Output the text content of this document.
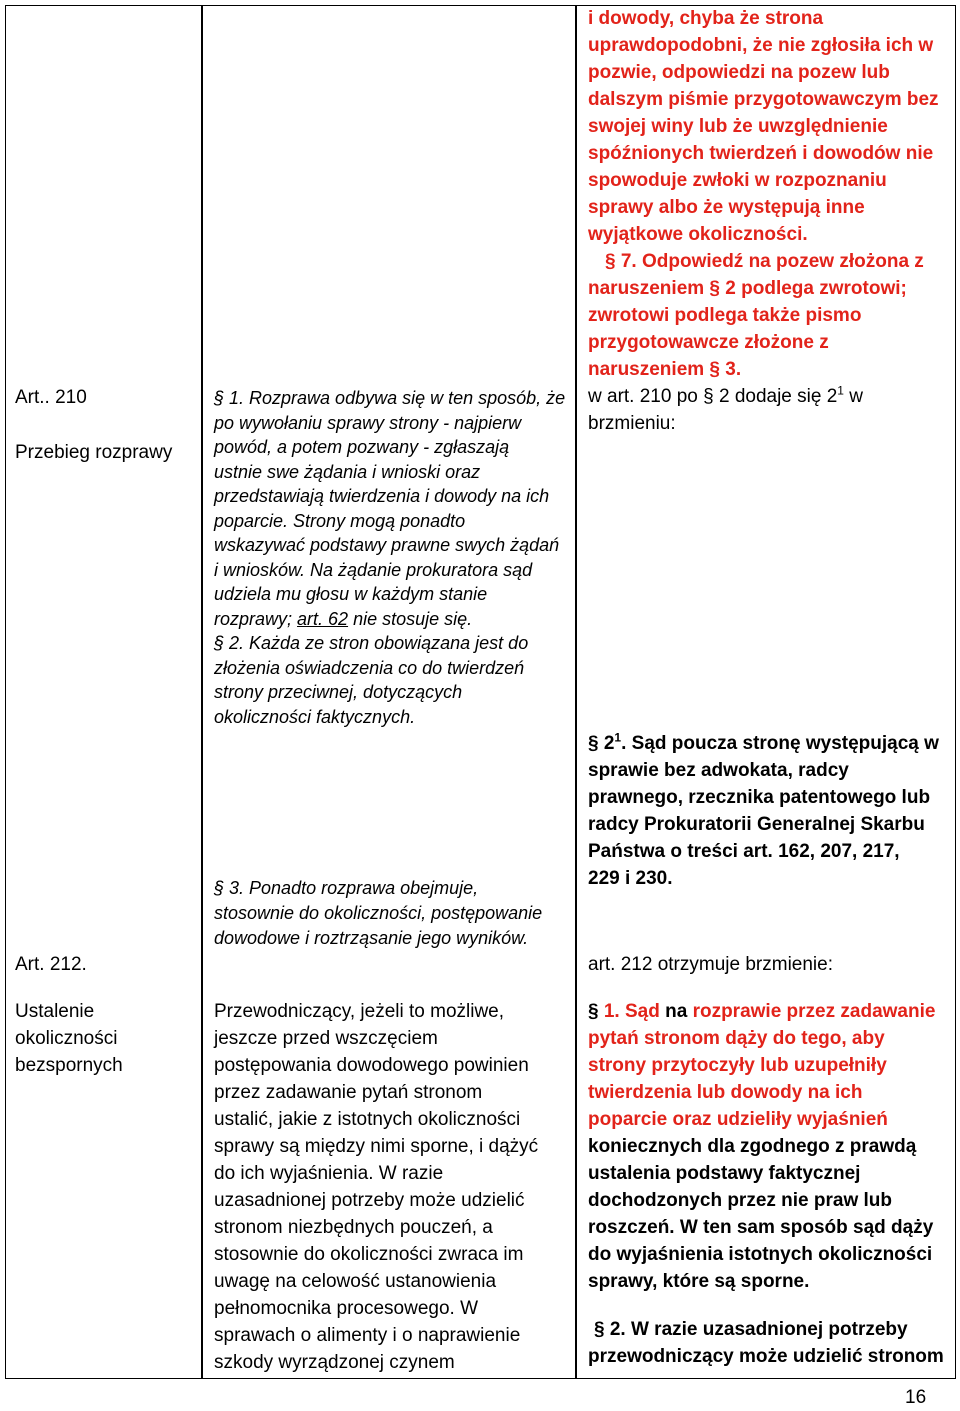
Art.. 210
Przebieg rozprawy
Art. 212.
Ustalenie
okoliczności
bezspornych
§ 1. Rozprawa odbywa się w ten sposób, że
po wywołaniu sprawy strony - najpierw
powód, a potem pozwany - zgłaszają
ustnie swe żądania i wnioski oraz
przedstawiają twierdzenia i dowody na ich
poparcie. Strony mogą ponadto
wskazywać podstawy prawne swych żądań
i wniosków. Na żądanie prokuratora sąd
udziela mu głosu w każdym stanie
rozprawy; art. 62 nie stosuje się.
§ 2. Każda ze stron obowiązana jest do
złożenia oświadczenia co do twierdzeń
strony przeciwnej, dotyczących
okoliczności faktycznych.
§ 3. Ponadto rozprawa obejmuje,
stosownie do okoliczności, postępowanie
dowodowe i roztrząsanie jego wyników.
Przewodniczący, jeżeli to możliwe,
jeszcze przed wszczęciem
postępowania dowodowego powinien
przez zadawanie pytań stronom
ustalić, jakie z istotnych okoliczności
sprawy są między nimi sporne, i dążyć
do ich wyjaśnienia. W razie
uzasadnionej potrzeby może udzielić
stronom niezbędnych pouczeń, a
stosownie do okoliczności zwraca im
uwagę na celowość ustanowienia
pełnomocnika procesowego. W
sprawach o alimenty i o naprawienie
szkody wyrządzonej czynem
i dowody, chyba że strona
uprawdopodobni, że nie zgłosiła ich w
pozwie, odpowiedzi na pozew lub
dalszym piśmie przygotowawczym bez
swojej winy lub że uwzględnienie
spóźnionych twierdzeń i dowodów nie
spowoduje zwłoki w rozpoznaniu
sprawy albo że występują inne
wyjątkowe okoliczności.
§ 7. Odpowiedź na pozew złożona z
naruszeniem § 2 podlega zwrotowi;
zwrotowi podlega także pismo
przygotowawcze złożone z
naruszeniem § 3.
w art. 210 po § 2 dodaje się $2^1$ w
brzmieniu:
§ $2^1$. Sąd poucza stronę występującą w
sprawie bez adwokata, radcy
prawnego, rzecznika patentowego lub
radcy Prokuratorii Generalnej Skarbu
Państwa o treści art. 162, 207, 217,
229 i 230.
art. 212 otrzymuje brzmienie:
§ 1. Sąd na rozprawie przez zadawanie
pytań stronom dąży do tego, aby
strony przytoczyły lub uzupełniły
twierdzenia lub dowody na ich
poparcie oraz udzieliły wyjaśnień
koniecznych dla zgodnego z prawdą
ustalenia podstawy faktycznej
dochodzonych przez nie praw lub
roszczeń. W ten sam sposób sąd dąży
do wyjaśnienia istotnych okoliczności
sprawy, które są sporne.
§ 2. W razie uzasadnionej potrzeby
przewodniczący może udzielić stronom
16
